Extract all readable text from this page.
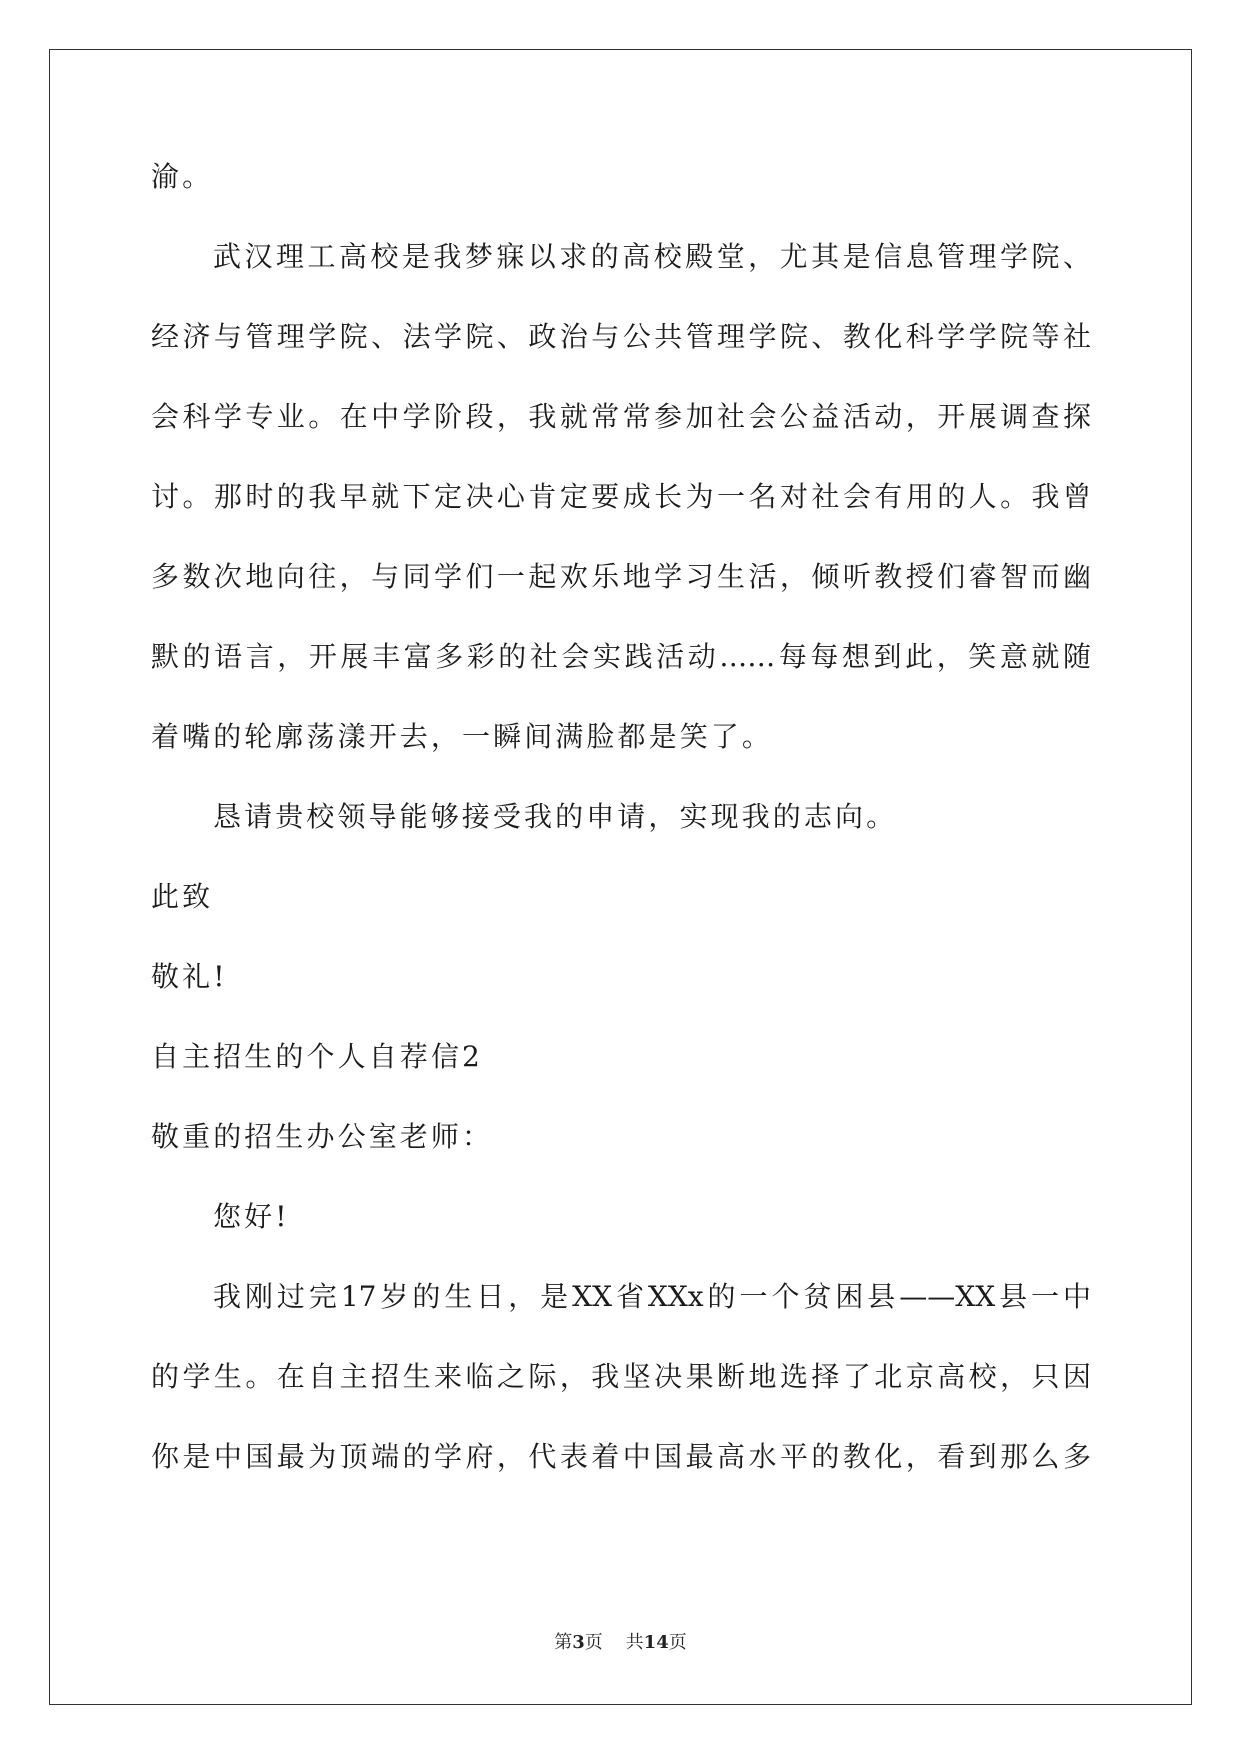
渝。

武汉理工高校是我梦寐以求的高校殿堂，尤其是信息管理学院、

经济与管理学院、法学院、政治与公共管理学院、教化科学学院等社

会科学专业。在中学阶段，我就常常参加社会公益活动，开展调查探

讨。那时的我早就下定决心肯定要成长为一名对社会有用的人。我曾

多数次地向往，与同学们一起欢乐地学习生活，倾听教授们睿智而幽

默的语言，开展丰富多彩的社会实践活动……每每想到此，笑意就随

着嘴的轮廓荡漾开去，一瞬间满脸都是笑了。

恳请贵校领导能够接受我的申请，实现我的志向。

此致

敬礼!

自主招生的个人自荐信2

敬重的招生办公室老师：

您好!

我刚过完17岁的生日，是XX省XXx的一个贫困县——XX县一中

的学生。在自主招生来临之际，我坚决果断地选择了北京高校，只因

你是中国最为顶端的学府，代表着中国最高水平的教化，看到那么多

第3页    共14页
